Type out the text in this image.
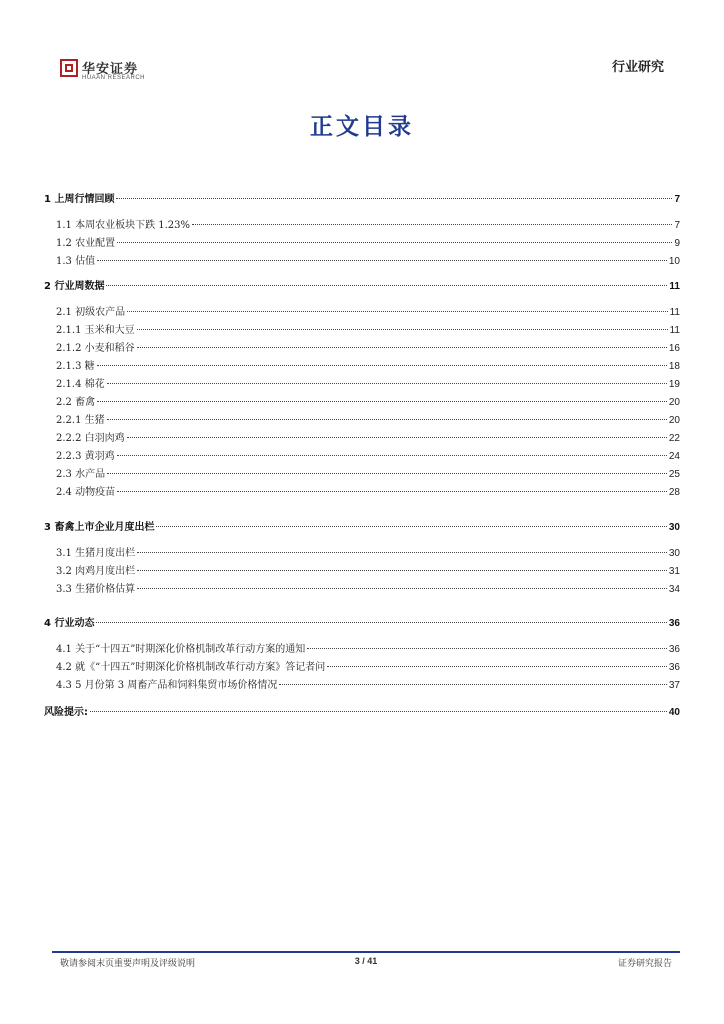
华安证券
HUAAN RESEARCH
行业研究
正文目录
1 上周行情回顾	7
1.1 本周农业板块下跌 1.23%	7
1.2 农业配置	9
1.3 估值	10
2 行业周数据	11
2.1 初级农产品	11
2.1.1 玉米和大豆	11
2.1.2 小麦和稻谷	16
2.1.3 糖	18
2.1.4 棉花	19
2.2 畜禽	20
2.2.1 生猪	20
2.2.2 白羽肉鸡	22
2.2.3 黄羽鸡	24
2.3 水产品	25
2.4 动物疫苗	28
3 畜禽上市企业月度出栏	30
3.1 生猪月度出栏	30
3.2 肉鸡月度出栏	31
3.3 生猪价格估算	34
4 行业动态	36
4.1 关于“十四五”时期深化价格机制改革行动方案的通知	36
4.2 就《“十四五”时期深化价格机制改革行动方案》答记者问	36
4.3 5 月份第 3 周畜产品和饲料集贸市场价格情况	37
风险提示:	40
敬请参阅末页重要声明及评级说明	3 / 41	证券研究报告
